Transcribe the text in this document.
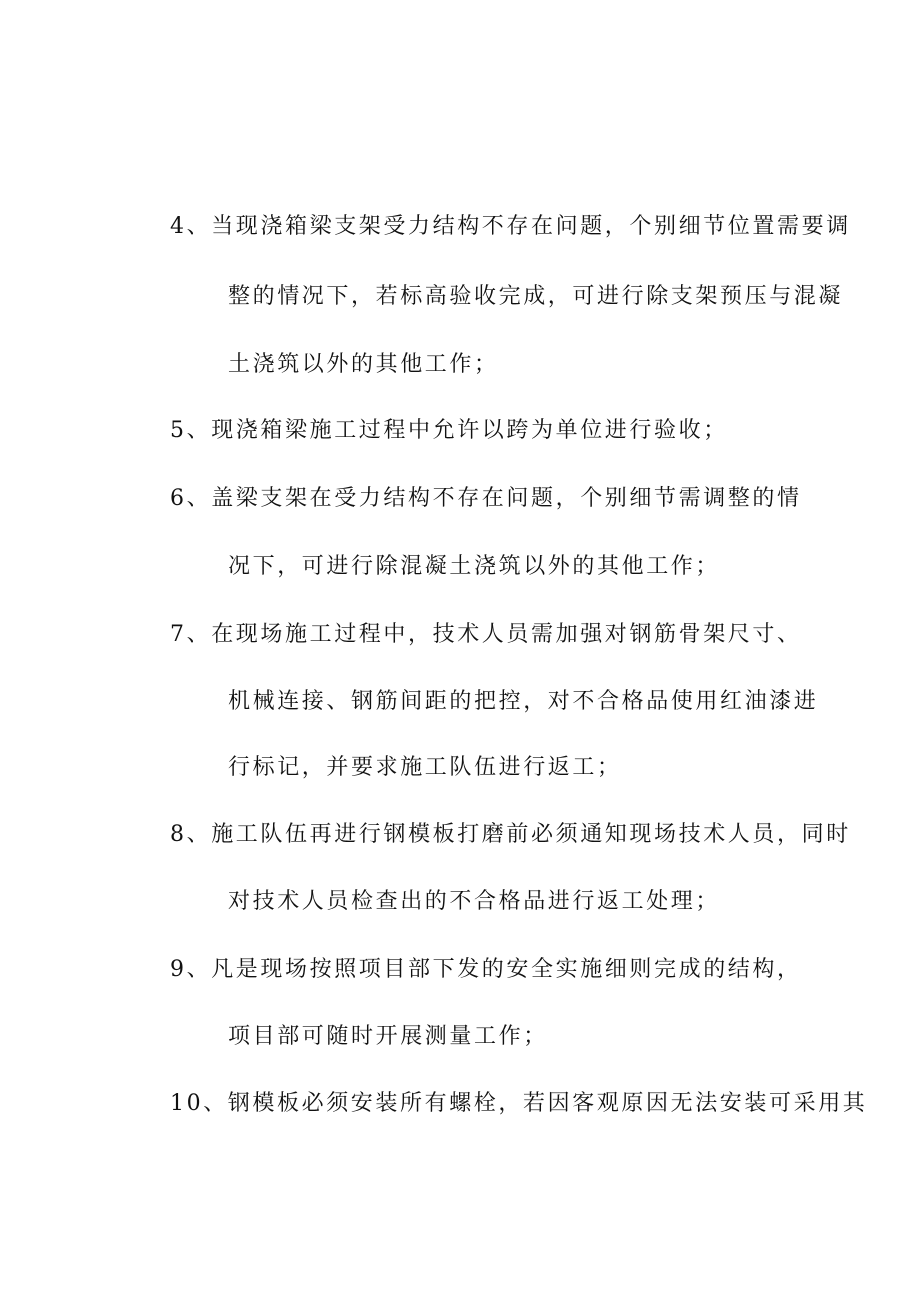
4、当现浇箱梁支架受力结构不存在问题，个别细节位置需要调
整的情况下，若标高验收完成，可进行除支架预压与混凝
土浇筑以外的其他工作；
5、现浇箱梁施工过程中允许以跨为单位进行验收；
6、盖梁支架在受力结构不存在问题，个别细节需调整的情
况下，可进行除混凝土浇筑以外的其他工作；
7、在现场施工过程中，技术人员需加强对钢筋骨架尺寸、
机械连接、钢筋间距的把控，对不合格品使用红油漆进
行标记，并要求施工队伍进行返工；
8、施工队伍再进行钢模板打磨前必须通知现场技术人员，同时
对技术人员检查出的不合格品进行返工处理；
9、凡是现场按照项目部下发的安全实施细则完成的结构，
项目部可随时开展测量工作；
10、钢模板必须安装所有螺栓，若因客观原因无法安装可采用其
